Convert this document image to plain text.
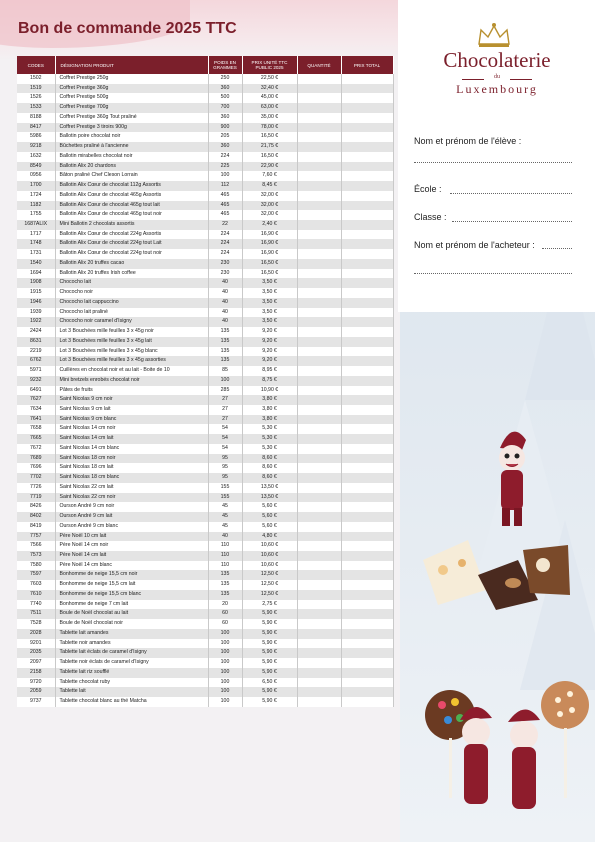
Chocolaterie
du
Luxembourg
Nom et prénom de l'élève :
École :
Classe :
Nom et prénom de l'acheteur :
Bon de commande 2025 TTC
CODES	DÉSIGNATION PRODUIT	POIDS EN GRAMMES	PRIX UNITÉ TTC PUBLIC 2025	QUANTITÉ	PRIX TOTAL
1502	Coffret Prestige 250g	250	22,50 €		
1519	Coffret Prestige 360g	360	32,40 €		
1526	Coffret Prestige 500g	500	45,00 €		
1533	Coffret Prestige 700g	700	63,00 €		
8188	Coffret Prestige 360g Tout praliné	360	35,00 €		
8417	Coffret Prestige 3 tiroirs 900g	900	78,00 €		
5986	Ballotin poire chocolat noir	205	16,50 €		
9218	Bûchettes praliné à l'ancienne	360	21,75 €		
1632	Ballotin mirabelles chocolat noir	224	16,50 €		
8549	Ballotin Alix 20 chardons	225	22,90 €		
0956	Bâton praliné Chef Cleson Lorrain	100	7,60 €		
1700	Ballotin Alix Cœur de chocolat 112g Assortis	112	8,45 €		
1724	Ballotin Alix Cœur de chocolat 465g Assortis	465	32,00 €		
1182	Ballotin Alix Cœur de chocolat 465g tout lait	465	32,00 €		
1755	Ballotin Alix Cœur de chocolat 465g tout noir	465	32,00 €		
1687ALIX	Mini Ballotin 2 chocolats assortis	22	2,40 €		
1717	Ballotin Alix Cœur de chocolat 224g Assortis	224	16,90 €		
1748	Ballotin Alix Cœur de chocolat 224g tout Lait	224	16,90 €		
1731	Ballotin Alix Cœur de chocolat 224g tout noir	224	16,90 €		
1540	Ballotin Alix 20 truffes cacao	230	16,50 €		
1694	Ballotin Alix 20 truffes Irish coffee	230	16,50 €		
1908	Chococho lait	40	3,50 €		
1915	Chococho noir	40	3,50 €		
1946	Chococho lait cappuccino	40	3,50 €		
1939	Chococho lait praliné	40	3,50 €		
1922	Chococho noir caramel d'Isigny	40	3,50 €		
2424	Lot 3 Bouchées mille feuilles 3 x 45g noir	135	9,20 €		
8631	Lot 3 Bouchées mille feuilles 3 x 45g lait	135	9,20 €		
2219	Lot 3 Bouchées mille feuilles 3 x 45g blanc	135	9,20 €		
6762	Lot 3 Bouchées mille feuilles 3 x 45g assorties	135	9,20 €		
5971	Cuillères en chocolat noir et au lait - Boite de 10	85	8,95 €		
9232	Mini bretzels enrobés chocolat noir	100	8,75 €		
6491	Pâtes de fruits	285	10,90 €		
7627	Saint Nicolas 9 cm noir	27	3,80 €		
7634	Saint Nicolas 9 cm lait	27	3,80 €		
7641	Saint Nicolas 9 cm blanc	27	3,80 €		
7658	Saint Nicolas 14 cm noir	54	5,30 €		
7665	Saint Nicolas 14 cm lait	54	5,30 €		
7672	Saint Nicolas 14 cm blanc	54	5,30 €		
7689	Saint Nicolas 18 cm noir	95	8,60 €		
7696	Saint Nicolas 18 cm lait	95	8,60 €		
7702	Saint Nicolas 18 cm blanc	95	8,60 €		
7726	Saint Nicolas 22 cm lait	155	13,50 €		
7719	Saint Nicolas 22 cm noir	155	13,50 €		
8426	Ourson André 9 cm noir	45	5,60 €		
8402	Ourson André 9 cm lait	45	5,60 €		
8419	Ourson André 9 cm blanc	45	5,60 €		
7757	Père Noël 10 cm lait	40	4,80 €		
7566	Père Noël 14 cm noir	110	10,60 €		
7573	Père Noël 14 cm lait	110	10,60 €		
7580	Père Noël 14 cm blanc	110	10,60 €		
7597	Bonhomme de neige 15,5 cm noir	135	12,50 €		
7603	Bonhomme de neige 15,5 cm lait	135	12,50 €		
7610	Bonhomme de neige 15,5 cm blanc	135	12,50 €		
7740	Bonhomme de neige 7 cm lait	20	2,75 €		
7511	Boule de Noël chocolat au lait	60	5,90 €		
7528	Boule de Noël chocolat noir	60	5,90 €		
2028	Tablette lait amandes	100	5,90 €		
9201	Tablette noir amandes	100	5,90 €		
2035	Tablette lait éclats de caramel d'Isigny	100	5,90 €		
2097	Tablette noir éclats de caramel d'Isigny	100	5,90 €		
2158	Tablette lait riz soufflé	100	5,90 €		
9720	Tablette chocolat ruby	100	6,50 €		
2059	Tablette lait	100	5,90 €		
9737	Tablette chocolat blanc au thé Matcha	100	5,90 €		
